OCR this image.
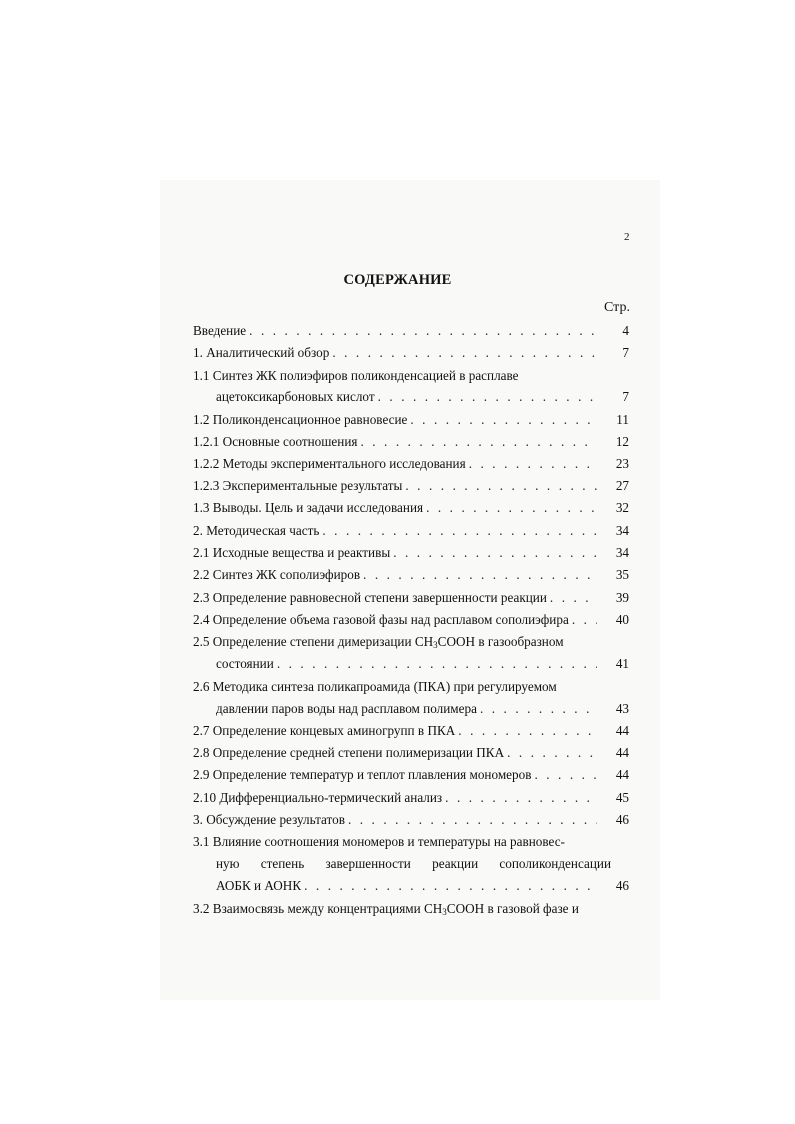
2
СОДЕРЖАНИЕ
Стр.
Введение . . .	4
1. Аналитический обзор . . .	7
1.1 Синтез ЖК полиэфиров поликонденсацией в расплаве
ацетоксикарбоновых кислот . . .	7
1.2 Поликонденсационное равновесие . . .	11
1.2.1 Основные соотношения . . .	12
1.2.2 Методы экспериментального исследования . . .	23
1.2.3 Экспериментальные результаты . . .	27
1.3 Выводы. Цель и задачи исследования . . .	32
2. Методическая часть . . .	34
2.1 Исходные вещества и реактивы . . .	34
2.2 Синтез ЖК сополиэфиров . . .	35
2.3 Определение равновесной степени завершенности реакции . . .	39
2.4 Определение объема газовой фазы над расплавом сополиэфира . . .	40
2.5 Определение степени димеризации $CH_3COOH$ в газообразном
состоянии . . .	41
2.6 Методика синтеза поликапроамида (ПКА) при регулируемом
давлении паров воды над расплавом полимера . . .	43
2.7 Определение концевых аминогрупп в ПКА . . .	44
2.8 Определение средней степени полимеризации ПКА . . .	44
2.9 Определение температур и теплот плавления мономеров . . .	44
2.10 Дифференциально-термический анализ . . .	45
3. Обсуждение результатов . . .	46
3.1 Влияние соотношения мономеров и температуры на равновес-
ную степень завершенности реакции сополиконденсации
АОБК и АОНК . . .	46
3.2 Взаимосвязь между концентрациями $CH_3COOH$ в газовой фазе и
